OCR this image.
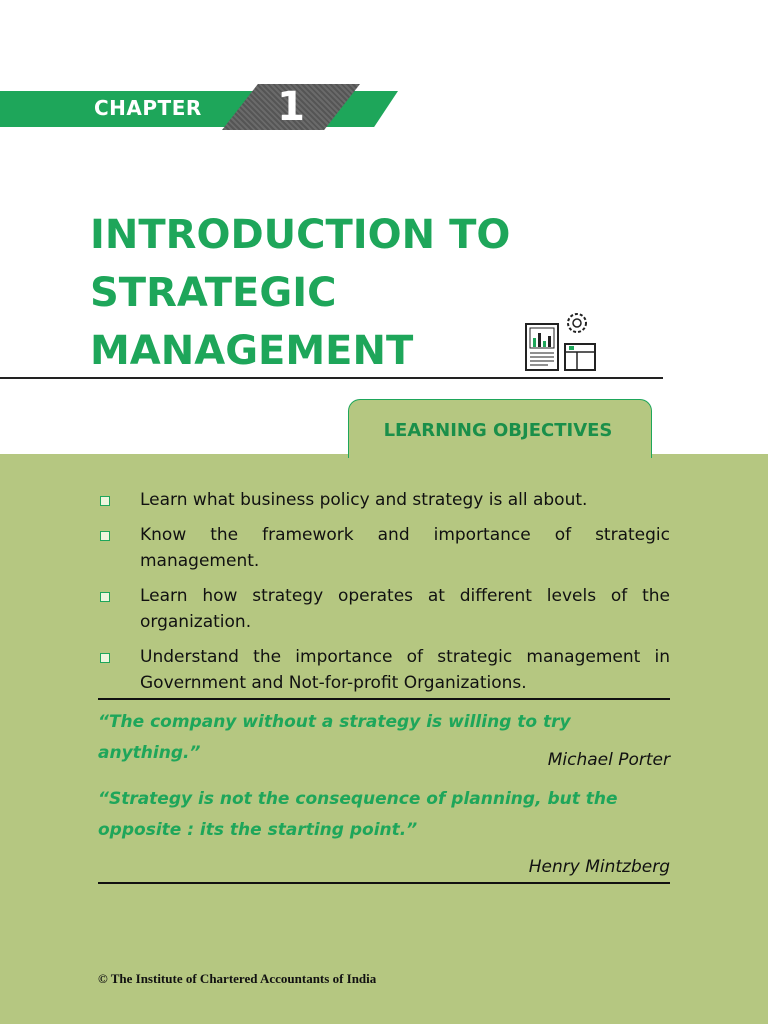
CHAPTER	1
INTRODUCTION TO
STRATEGIC
MANAGEMENT
LEARNING OBJECTIVES
Learn what business policy and strategy is all about.
Know the framework and importance of strategic management.
Learn how strategy operates at different levels of the organization.
Understand the importance of strategic management in Government and Not-for-profit Organizations.

“The company without a strategy is willing to try anything.”	Michael Porter

“Strategy is not the consequence of planning, but the opposite : its the starting point.”

Henry Mintzberg
© The Institute of Chartered Accountants of India
